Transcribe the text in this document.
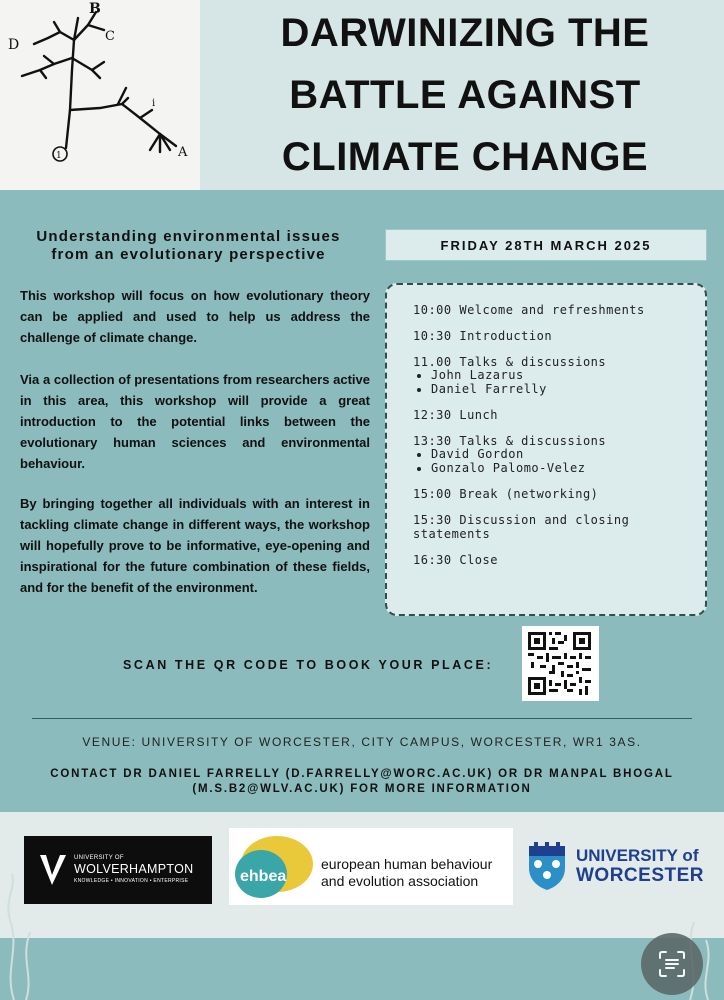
B
C
D
A
1
i
DARWINIZING THE
BATTLE AGAINST
CLIMATE CHANGE
Understanding environmental issues
from an evolutionary perspective
This workshop will focus on how evolutionary theory can be applied and used to help us address the challenge of climate change.
Via a collection of presentations from researchers active in this area, this workshop will provide a great introduction to the potential links between the evolutionary human sciences and environmental behaviour.
By bringing together all individuals with an interest in tackling climate change in different ways, the workshop will hopefully prove to be informative, eye-opening and inspirational for the future combination of these fields, and for the benefit of the environment.
FRIDAY 28TH MARCH 2025
10:00 Welcome and refreshments
10:30 Introduction
11.00 Talks & discussions
• John Lazarus
• Daniel Farrelly
12:30 Lunch
13:30 Talks & discussions
• David Gordon
• Gonzalo Palomo-Velez
15:00 Break (networking)
15:30 Discussion and closing statements
16:30 Close
SCAN THE QR CODE TO BOOK YOUR PLACE:
VENUE: UNIVERSITY OF WORCESTER, CITY CAMPUS, WORCESTER, WR1 3AS.
CONTACT DR DANIEL FARRELLY (D.FARRELLY@WORC.AC.UK) OR DR MANPAL BHOGAL
(M.S.B2@WLV.AC.UK) FOR MORE INFORMATION
UNIVERSITY OF
WOLVERHAMPTON
KNOWLEDGE • INNOVATION • ENTERPRISE	ehbea
european human behaviour
and evolution association
UNIVERSITY of
WORCESTER
